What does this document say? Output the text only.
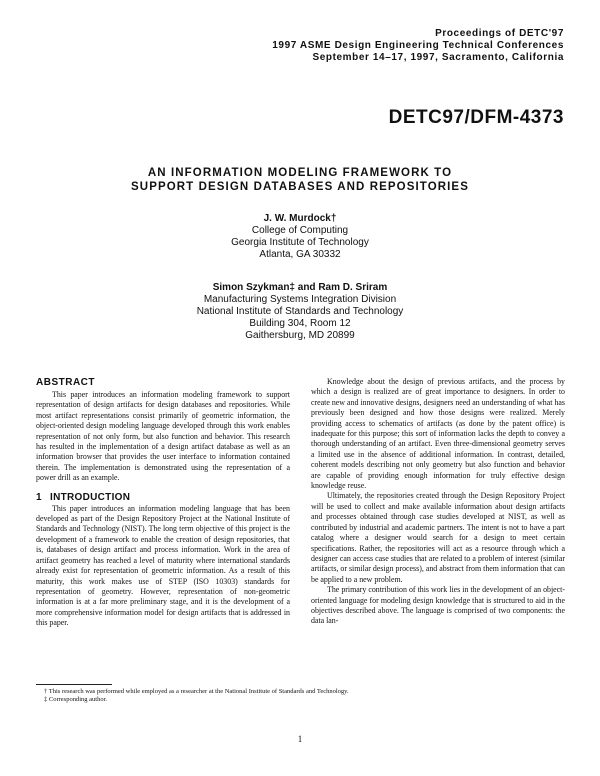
Proceedings of DETC'97
1997 ASME Design Engineering Technical Conferences
September 14–17, 1997, Sacramento, California
DETC97/DFM-4373
AN INFORMATION MODELING FRAMEWORK TO
SUPPORT DESIGN DATABASES AND REPOSITORIES
J. W. Murdock†
College of Computing
Georgia Institute of Technology
Atlanta, GA 30332
Simon Szykman‡ and Ram D. Sriram
Manufacturing Systems Integration Division
National Institute of Standards and Technology
Building 304, Room 12
Gaithersburg, MD 20899
ABSTRACT

This paper introduces an information modeling framework to support representation of design artifacts for design databases and repositories. While most artifact representations consist primarily of geometric information, the object-oriented design modeling language developed through this work enables representation of not only form, but also function and behavior. This research has resulted in the implementation of a design artifact database as well as an information browser that provides the user interface to information contained therein. The implementation is demonstrated using the representation of a power drill as an example.

1 INTRODUCTION

This paper introduces an information modeling language that has been developed as part of the Design Repository Project at the National Institute of Standards and Technology (NIST). The long term objective of this project is the development of a framework to enable the creation of design repositories, that is, databases of design artifact and process information. Work in the area of artifact geometry has reached a level of maturity where international standards already exist for representation of geometric information. As a result of this maturity, this work makes use of STEP (ISO 10303) standards for representation of geometry. However, representation of non-geometric information is at a far more preliminary stage, and it is the development of a more comprehensive information model for design artifacts that is addressed in this paper.

Knowledge about the design of previous artifacts, and the process by which a design is realized are of great importance to designers. In order to create new and innovative designs, designers need an understanding of what has previously been designed and how those designs were realized. Merely providing access to schematics of artifacts (as done by the patent office) is inadequate for this purpose; this sort of information lacks the depth to convey a thorough understanding of an artifact. Even three-dimensional geometry serves a limited use in the absence of additional information. In contrast, detailed, coherent models describing not only geometry but also function and behavior are capable of providing enough information for truly effective design knowledge reuse.

Ultimately, the repositories created through the Design Repository Project will be used to collect and make available information about design artifacts and processes obtained through case studies developed at NIST, as well as contributed by industrial and academic partners. The intent is not to have a part catalog where a designer would search for a design to meet certain specifications. Rather, the repositories will act as a resource through which a designer can access case studies that are related to a problem of interest (similar artifacts, or similar design process), and abstract from them information that can be applied to a new problem.

The primary contribution of this work lies in the development of an object-oriented language for modeling design knowledge that is structured to aid in the objectives described above. The language is comprised of two components: the data lan-

† This research was performed while employed as a researcher at the National Institute of Standards and Technology.
‡ Corresponding author.
1
